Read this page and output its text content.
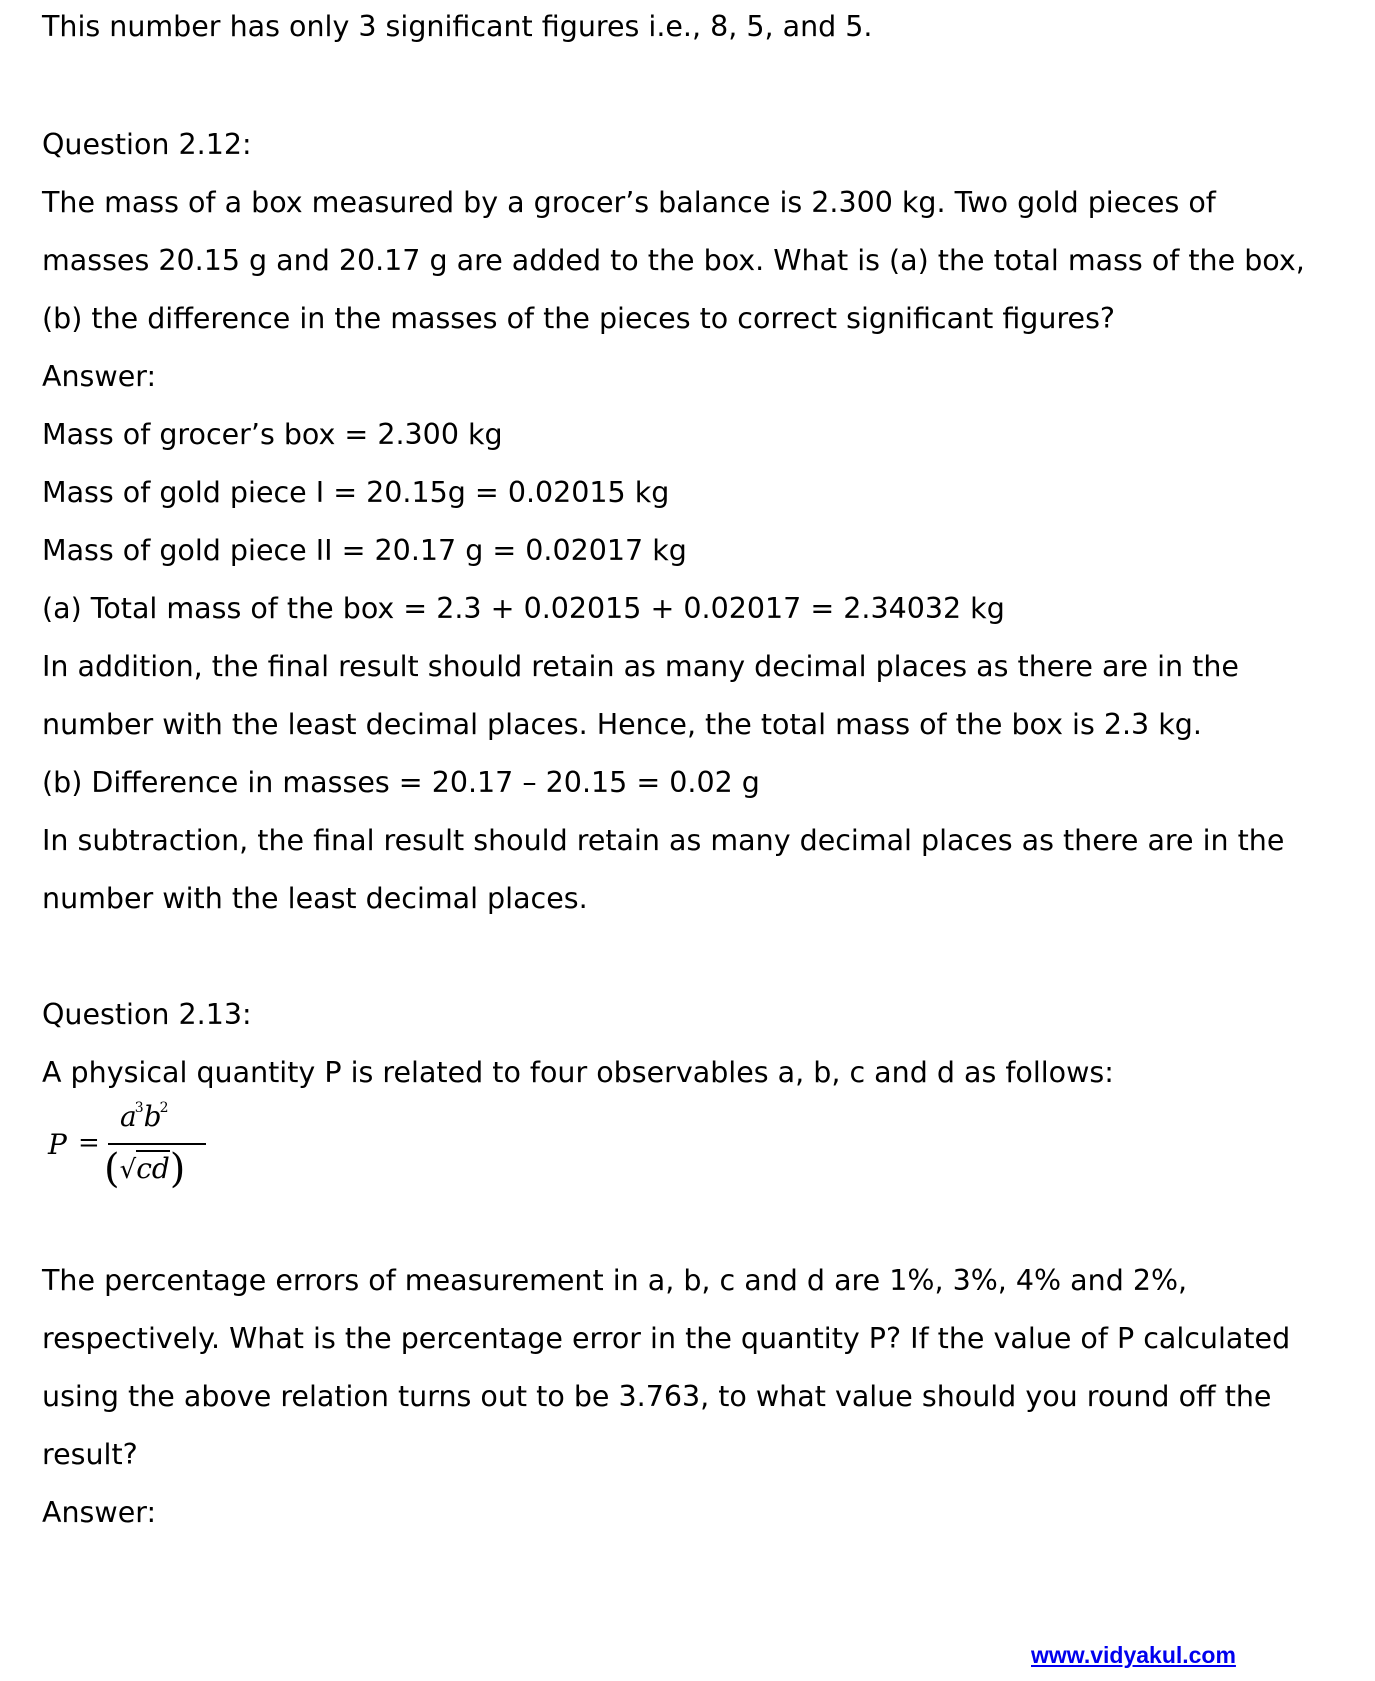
This number has only 3 significant figures i.e., 8, 5, and 5.

Question 2.12:

The mass of a box measured by a grocer’s balance is 2.300 kg. Two gold pieces of

masses 20.15 g and 20.17 g are added to the box. What is (a) the total mass of the box,

(b) the difference in the masses of the pieces to correct significant figures?

Answer:

Mass of grocer’s box = 2.300 kg

Mass of gold piece I = 20.15g = 0.02015 kg

Mass of gold piece II = 20.17 g = 0.02017 kg

(a) Total mass of the box = 2.3 + 0.02015 + 0.02017 = 2.34032 kg

In addition, the final result should retain as many decimal places as there are in the

number with the least decimal places. Hence, the total mass of the box is 2.3 kg.

(b) Difference in masses = 20.17 – 20.15 = 0.02 g

In subtraction, the final result should retain as many decimal places as there are in the

number with the least decimal places.

Question 2.13:

A physical quantity P is related to four observables a, b, c and d as follows:

P =
$a^3b^2$
(√cd)

The percentage errors of measurement in a, b, c and d are 1%, 3%, 4% and 2%,

respectively. What is the percentage error in the quantity P? If the value of P calculated

using the above relation turns out to be 3.763, to what value should you round off the

result?

Answer:

www.vidyakul.com
